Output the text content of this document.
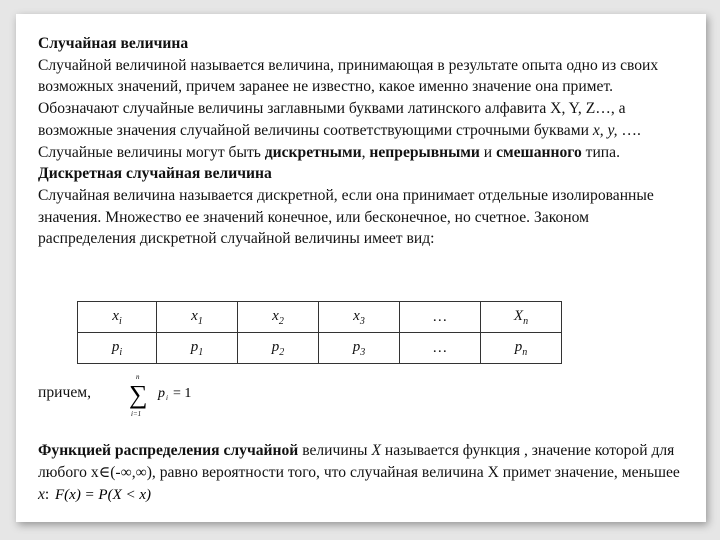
Случайная величина

Случайной величиной называется величина, принимающая в результате опыта одно из своих возможных значений, причем заранее не известно, какое именно значение она примет. Обозначают случайные величины заглавными буквами латинского алфавита X, Y, Z…, а возможные значения случайной величины соответствующими строчными буквами x, y, ….

Случайные величины могут быть дискретными, непрерывными и смешанного типа.

Дискретная случайная величина

Случайная величина называется дискретной, если она принимает отдельные изолированные значения. Множество ее значений конечное, или бесконечное, но счетное. Законом распределения дискретной случайной величины имеет вид:

$x_i$	$x_1$	$x_2$	$x_3$	…	$X_n$
$p_i$	$p_1$	$p_2$	$p_3$	…	$p_n$
причем,
n
∑
i=1
p i = 1
Функцией распределения случайной величины X называется функция , значение которой для любого x∈(-∞,∞), равно вероятности того, что случайная величина X примет значение, меньшее x: F(x) = P(X < x)
